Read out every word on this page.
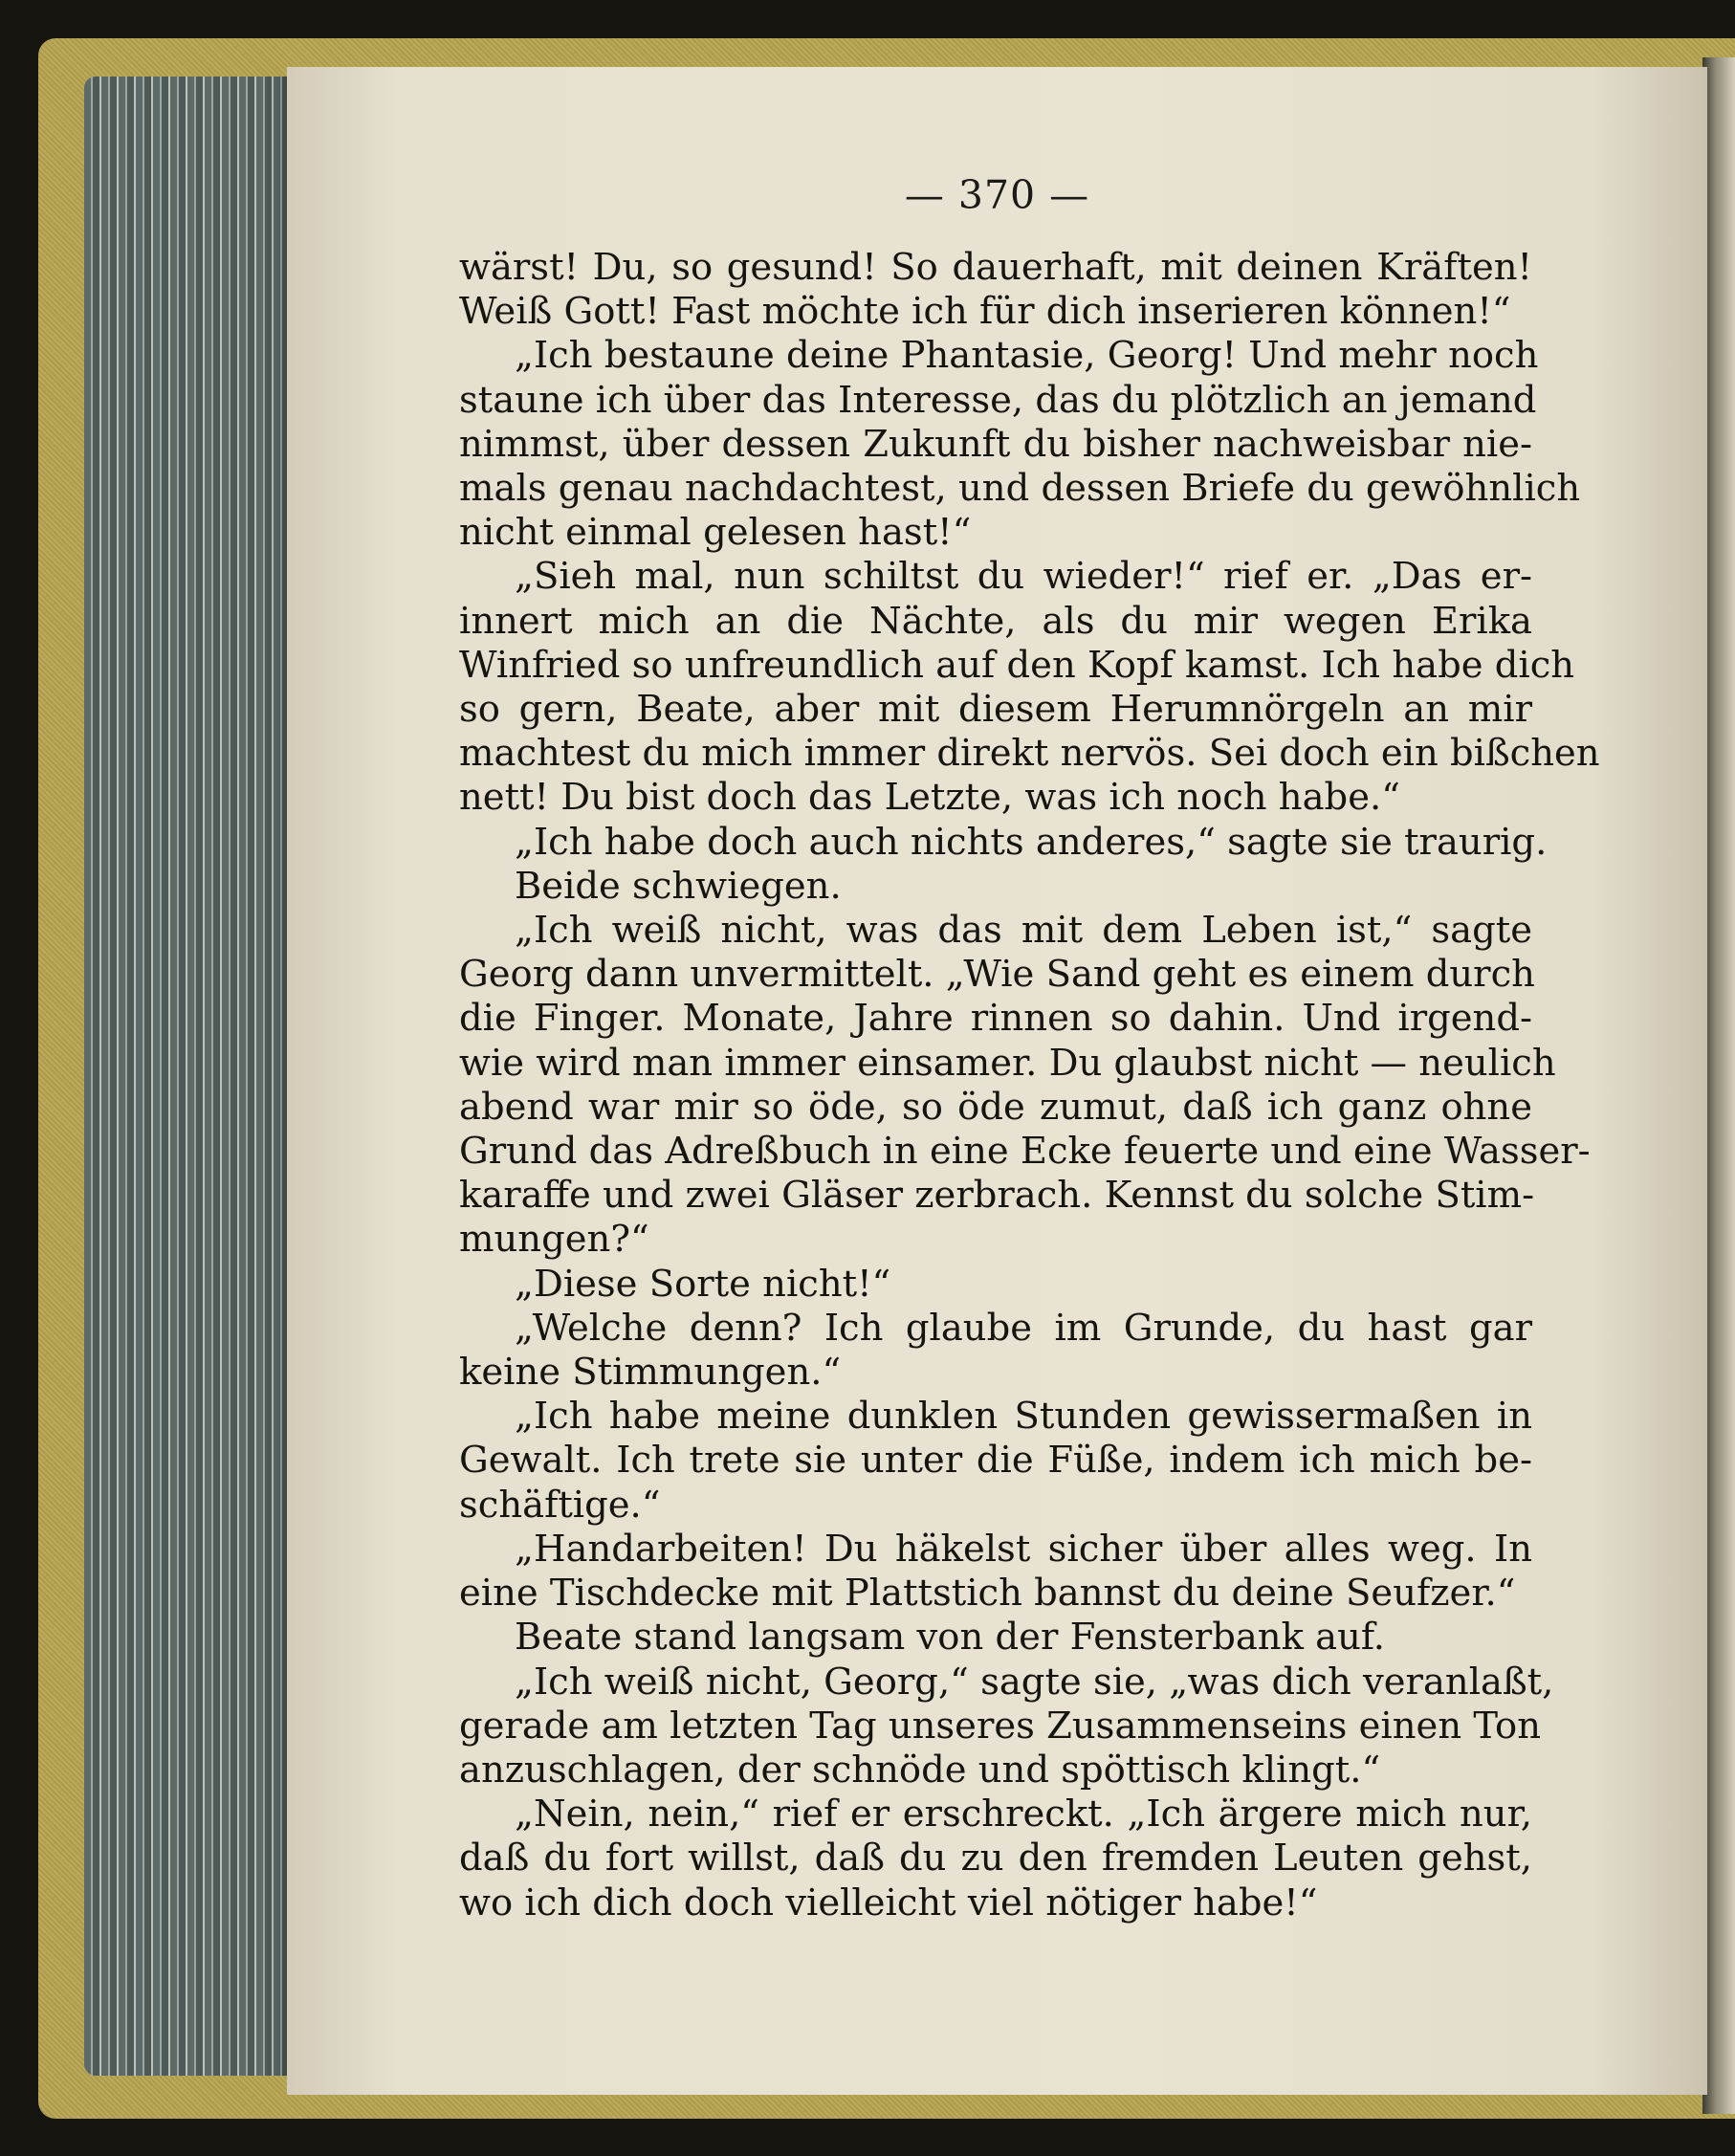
— 370 —
wärst! Du, so gesund! So dauerhaft, mit deinen Kräften!
Weiß Gott! Fast möchte ich für dich inserieren können!“
„Ich bestaune deine Phantasie, Georg! Und mehr noch
staune ich über das Interesse, das du plötzlich an jemand
nimmst, über dessen Zukunft du bisher nachweisbar nie-
mals genau nachdachtest, und dessen Briefe du gewöhnlich
nicht einmal gelesen hast!“
„Sieh mal, nun schiltst du wieder!“ rief er. „Das er-
innert mich an die Nächte, als du mir wegen Erika
Winfried so unfreundlich auf den Kopf kamst. Ich habe dich
so gern, Beate, aber mit diesem Herumnörgeln an mir
machtest du mich immer direkt nervös. Sei doch ein bißchen
nett! Du bist doch das Letzte, was ich noch habe.“
„Ich habe doch auch nichts anderes,“ sagte sie traurig.
Beide schwiegen.
„Ich weiß nicht, was das mit dem Leben ist,“ sagte
Georg dann unvermittelt. „Wie Sand geht es einem durch
die Finger. Monate, Jahre rinnen so dahin. Und irgend-
wie wird man immer einsamer. Du glaubst nicht — neulich
abend war mir so öde, so öde zumut, daß ich ganz ohne
Grund das Adreßbuch in eine Ecke feuerte und eine Wasser-
karaffe und zwei Gläser zerbrach. Kennst du solche Stim-
mungen?“
„Diese Sorte nicht!“
„Welche denn? Ich glaube im Grunde, du hast gar
keine Stimmungen.“
„Ich habe meine dunklen Stunden gewissermaßen in
Gewalt. Ich trete sie unter die Füße, indem ich mich be-
schäftige.“
„Handarbeiten! Du häkelst sicher über alles weg. In
eine Tischdecke mit Plattstich bannst du deine Seufzer.“
Beate stand langsam von der Fensterbank auf.
„Ich weiß nicht, Georg,“ sagte sie, „was dich veranlaßt,
gerade am letzten Tag unseres Zusammenseins einen Ton
anzuschlagen, der schnöde und spöttisch klingt.“
„Nein, nein,“ rief er erschreckt. „Ich ärgere mich nur,
daß du fort willst, daß du zu den fremden Leuten gehst,
wo ich dich doch vielleicht viel nötiger habe!“
